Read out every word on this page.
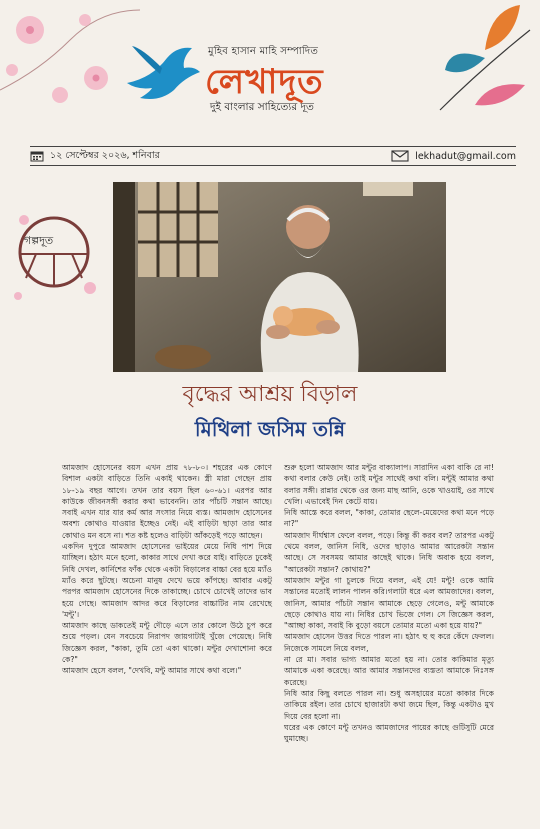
মুহিব হাসান মাহি সম্পাদিত
লেখাদূত
দুই বাংলার সাহিত্যের দূত
১২ সেপ্টেম্বর ২০২৬, শনিবার	lekhadut@gmail.com
গল্পদূত
বৃদ্ধের আশ্রয় বিড়াল
মিথিলা জসিম তন্নি

আমজাদ হোসেনের বয়স এখন প্রায় ৭৮-৮০। শহরের এক কোণে বিশাল একটা বাড়িতে তিনি একাই থাকেন। স্ত্রী মারা গেছেন প্রায় ১৮-১৯ বছর আগে। তখন তার বয়স ছিল ৬০-৬১। এরপর আর কাউকে জীবনসঙ্গী করার কথা ভাবেননি। তার পাঁচটি সন্তান আছে। সবাই এখন যার যার কর্ম আর সংসার নিয়ে ব্যস্ত। আমজাদ হোসেনের অবশ্য কোথাও যাওয়ার ইচ্ছেও নেই। এই বাড়িটা ছাড়া তার আর কোথাও মন বসে না। শত কষ্ট হলেও বাড়িটা আঁকড়েই পড়ে আছেন।

একদিন দুপুরে আমজাদ হোসেনের ভাইয়ের মেয়ে নিধি পাশ দিয়ে যাচ্ছিল। হঠাৎ মনে হলো, কাকার সাথে দেখা করে যাই। বাড়িতে ঢুকেই নিধি দেখল, কার্নিশের ফাঁক থেকে একটা বিড়ালের বাচ্চা বের হয়ে ম্যাঁও ম্যাঁও করে ছুটছে। অচেনা মানুষ দেখে ভয়ে কাঁপছে। আবার একটু পরপর আমজাদ হোসেনের দিকে তাকাচ্ছে। চোখে চোখেই তাদের ভাব হয়ে গেছে। আমজাদ আদর করে বিড়ালের বাচ্চাটির নাম রেখেছে 'মন্টু'।

আমজাদ কাছে ডাকতেই মন্টু দৌড়ে এসে তার কোলে উঠে চুপ করে শুয়ে পড়ল। যেন সবচেয়ে নিরাপদ জায়গাটাই খুঁজে পেয়েছে। নিধি জিজ্ঞেস করল, "কাকা, তুমি তো একা থাকো। মন্টুর দেখাশোনা করে কে?"

আমজাদ হেসে বলল, "দেখবি, মন্টু আমার সাথে কথা বলে।"

শুরু হলো আমজাদ আর মন্টুর বাক্যালাপ। সারাদিন একা বাকি রে না! কথা বলার কেউ নেই। তাই মন্টুর সাথেই কথা বলি। মন্টুই আমার কথা বলার সঙ্গী। রান্নার থেকে ওর জন্য মাছ আনি, ওকে খাওয়াই, ওর সাথে খেলি। এভাবেই দিন কেটে যায়।

নিধি আস্তে করে বলল, "কাকা, তোমার ছেলে-মেয়েদের কথা মনে পড়ে না?"

আমজাদ দীর্ঘশ্বাস ফেলে বলল, পড়ে। কিন্তু কী করব বল? তারপর একটু থেমে বলল, জানিস নিধি, ওদের ছাড়াও আমার আরেকটা সন্তান আছে। সে সবসময় আমার কাছেই থাকে। নিধি অবাক হয়ে বলল, "আরেকটা সন্তান? কোথায়?"

আমজাদ মন্টুর গা চুলকে দিয়ে বলল, এই যে! মন্টু! ওকে আমি সন্তানের মতোই লালন পালন করি।গলাটা ধরে এল আমজাদের। বলল, জানিস, আমার পাঁচটা সন্তান আমাকে ছেড়ে গেলেও, মন্টু আমাকে ছেড়ে কোথাও যায় না। নিধির চোখ ভিজে গেল। সে জিজ্ঞেস করল, "আচ্ছা কাকা, সবাই কি বুড়ো বয়সে তোমার মতো একা হয়ে যায়?"

আমজাদ হোসেন উত্তর দিতে পারল না। হঠাৎ হু হু করে কেঁদে ফেলল। নিজেকে সামলে নিয়ে বলল,

না রে মা। সবার ভাগ্য আমার মতো হয় না। তোর কাকিমার মৃত্যু আমাকে একা করেছে। আর আমার সন্তানদের ব্যস্ততা আমাকে নিঃসঙ্গ করেছে।

নিধি আর কিছু বলতে পারল না। শুধু অসহায়ের মতো কাকার দিকে তাকিয়ে রইল। তার চোখে হাজারটা কথা জমে ছিল, কিন্তু একটাও মুখ দিয়ে বের হলো না।

ঘরের এক কোণে মন্টু তখনও আমজাদের পায়ের কাছে গুটিসুটি মেরে ঘুমাচ্ছে।
